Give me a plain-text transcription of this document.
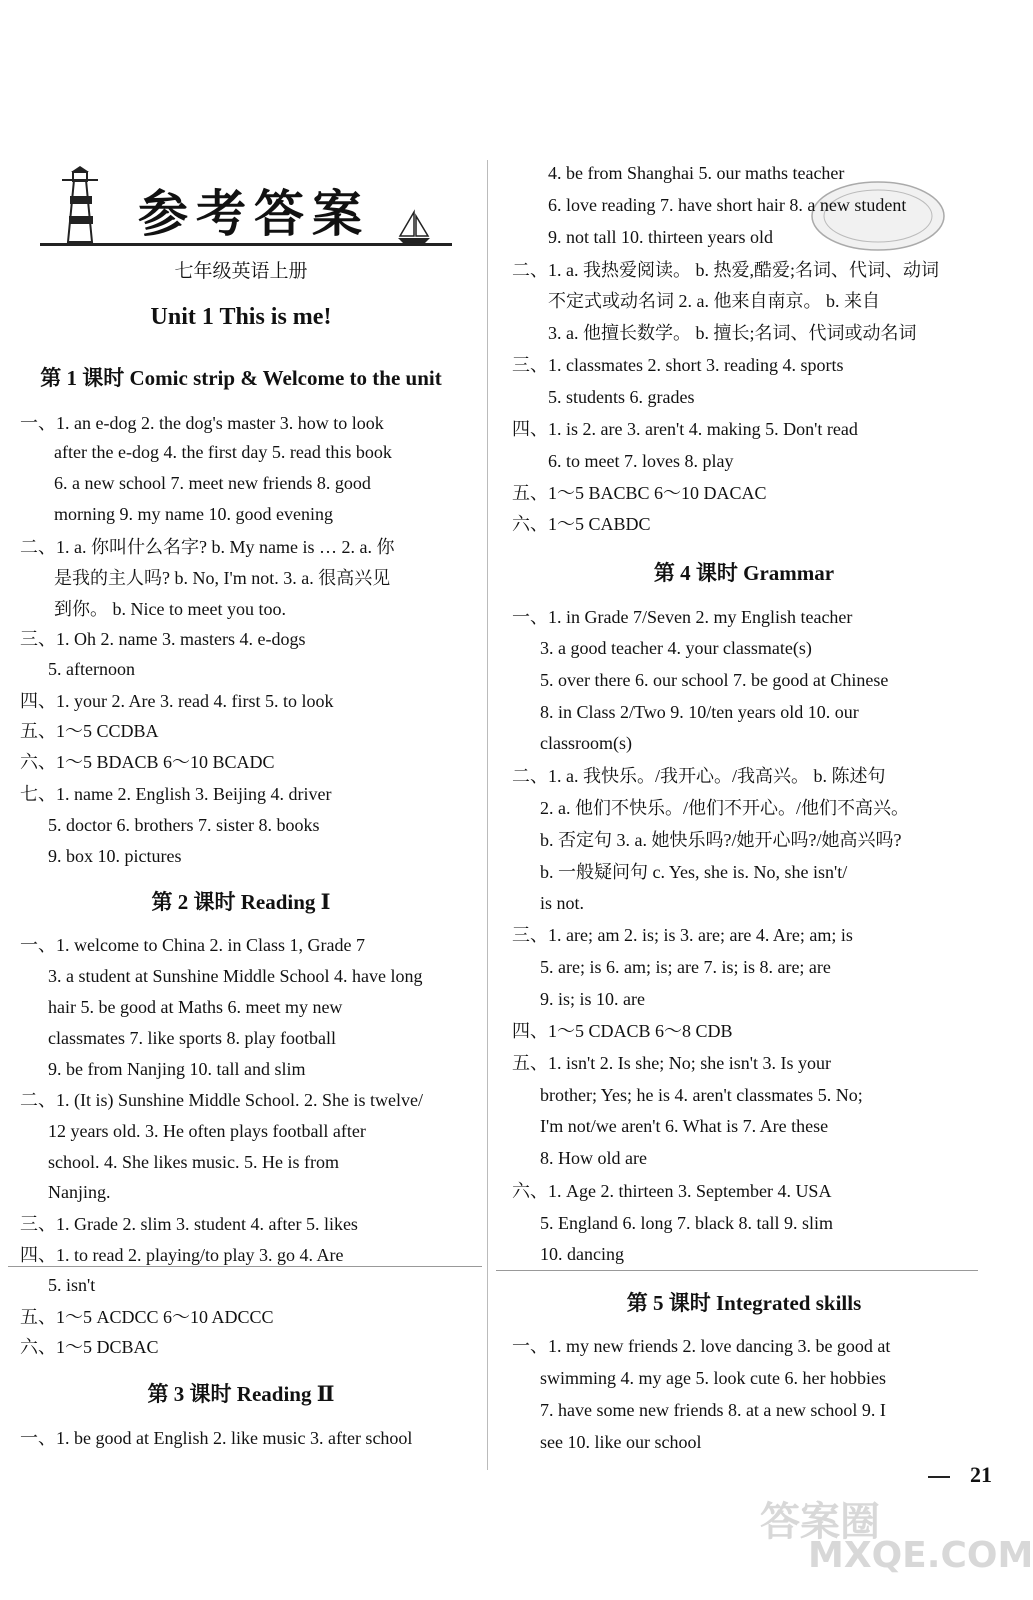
参考答案
七年级英语上册
Unit 1 This is me!
第 1 课时 Comic strip & Welcome to the unit
一、1. an e-dog 2. the dog's master 3. how to look
after the e-dog 4. the first day 5. read this book
6. a new school 7. meet new friends 8. good
morning 9. my name 10. good evening
二、1. a. 你叫什么名字? b. My name is … 2. a. 你
是我的主人吗? b. No, I'm not. 3. a. 很高兴见
到你。 b. Nice to meet you too.
三、1. Oh 2. name 3. masters 4. e-dogs
5. afternoon
四、1. your 2. Are 3. read 4. first 5. to look
五、1～5 CCDBA
六、1～5 BDACB 6～10 BCADC
七、1. name 2. English 3. Beijing 4. driver
5. doctor 6. brothers 7. sister 8. books
9. box 10. pictures
第 2 课时 Reading Ⅰ
一、1. welcome to China 2. in Class 1, Grade 7
3. a student at Sunshine Middle School 4. have long
hair 5. be good at Maths 6. meet my new
classmates 7. like sports 8. play football
9. be from Nanjing 10. tall and slim
二、1. (It is) Sunshine Middle School. 2. She is twelve/
12 years old. 3. He often plays football after
school. 4. She likes music. 5. He is from
Nanjing.
三、1. Grade 2. slim 3. student 4. after 5. likes
四、1. to read 2. playing/to play 3. go 4. Are
5. isn't
五、1～5 ACDCC 6～10 ADCCC
六、1～5 DCBAC
第 3 课时 Reading Ⅱ
一、1. be good at English 2. like music 3. after school
4. be from Shanghai 5. our maths teacher
6. love reading 7. have short hair 8. a new student
9. not tall 10. thirteen years old
二、1. a. 我热爱阅读。 b. 热爱,酷爱;名词、代词、动词
不定式或动名词 2. a. 他来自南京。 b. 来自
3. a. 他擅长数学。 b. 擅长;名词、代词或动名词
三、1. classmates 2. short 3. reading 4. sports
5. students 6. grades
四、1. is 2. are 3. aren't 4. making 5. Don't read
6. to meet 7. loves 8. play
五、1～5 BACBC 6～10 DACAC
六、1～5 CABDC
第 4 课时 Grammar
一、1. in Grade 7/Seven 2. my English teacher
3. a good teacher 4. your classmate(s)
5. over there 6. our school 7. be good at Chinese
8. in Class 2/Two 9. 10/ten years old 10. our
classroom(s)
二、1. a. 我快乐。/我开心。/我高兴。 b. 陈述句
2. a. 他们不快乐。/他们不开心。/他们不高兴。
b. 否定句 3. a. 她快乐吗?/她开心吗?/她高兴吗?
b. 一般疑问句 c. Yes, she is. No, she isn't/
is not.
三、1. are; am 2. is; is 3. are; are 4. Are; am; is
5. are; is 6. am; is; are 7. is; is 8. are; are
9. is; is 10. are
四、1～5 CDACB 6～8 CDB
五、1. isn't 2. Is she; No; she isn't 3. Is your
brother; Yes; he is 4. aren't classmates 5. No;
I'm not/we aren't 6. What is 7. Are these
8. How old are
六、1. Age 2. thirteen 3. September 4. USA
5. England 6. long 7. black 8. tall 9. slim
10. dancing
第 5 课时 Integrated skills
一、1. my new friends 2. love dancing 3. be good at
swimming 4. my age 5. look cute 6. her hobbies
7. have some new friends 8. at a new school 9. I
see 10. like our school
21
答案圈
MXQE.COM
